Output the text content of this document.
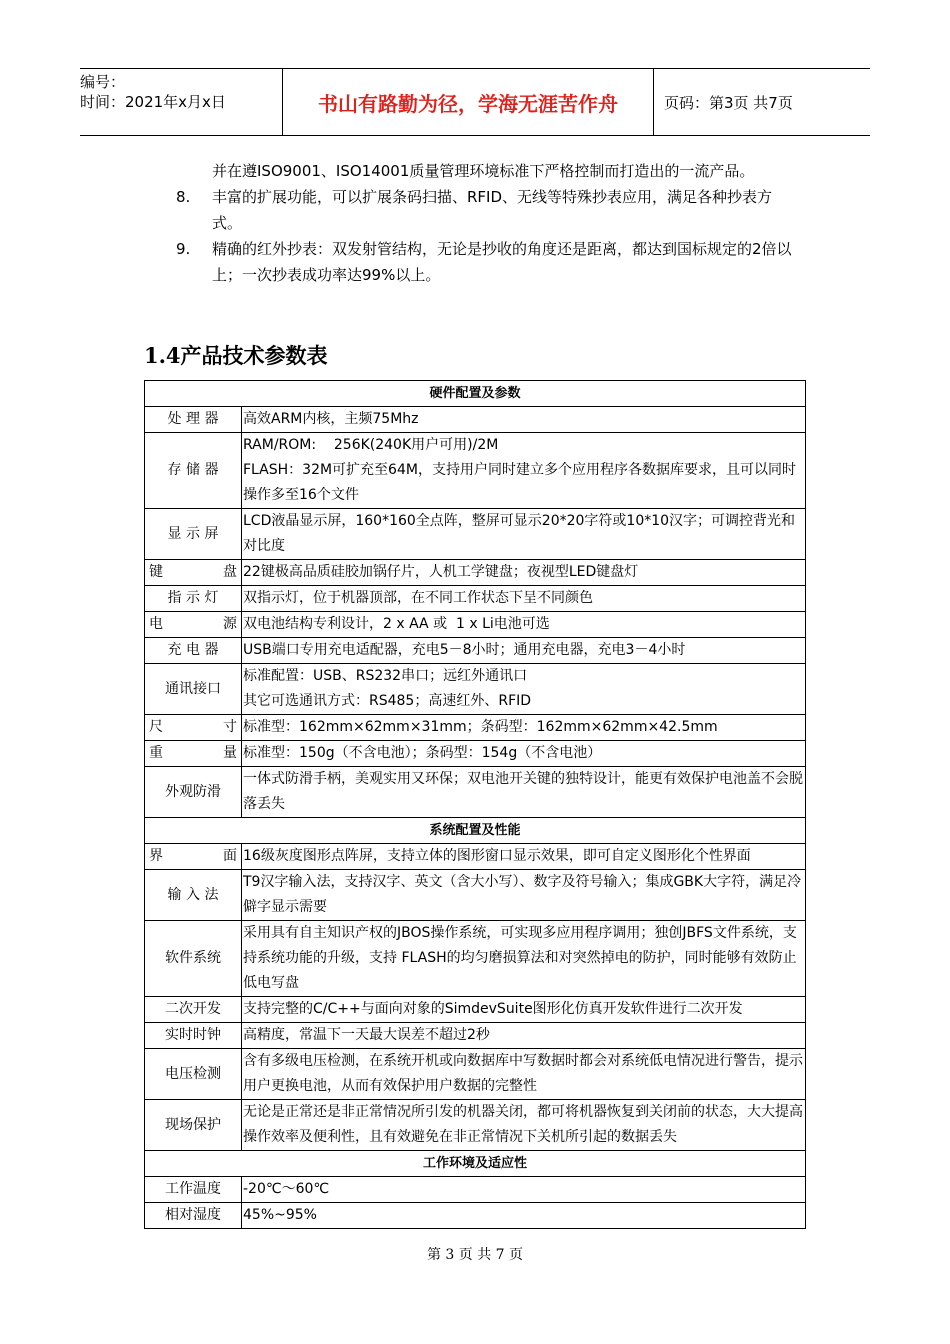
编号：
时间：2021年x月x日	书山有路勤为径，学海无涯苦作舟	页码：第3页 共7页
并在遵ISO9001、ISO14001质量管理环境标准下严格控制而打造出的一流产品。
8.	丰富的扩展功能，可以扩展条码扫描、RFID、无线等特殊抄表应用，满足各种抄表方式。
9.	精确的红外抄表：双发射管结构，无论是抄收的角度还是距离，都达到国标规定的2倍以上；一次抄表成功率达99%以上。
1.4产品技术参数表
硬件配置及参数	
处 理 器	高效ARM内核，主频75Mhz
存 储 器	RAM/ROM:    256K(240K用户可用)/2M
FLASH：32M可扩充至64M，支持用户同时建立多个应用程序各数据库要求，且可以同时操作多至16个文件
显 示 屏	LCD液晶显示屏，160*160全点阵，整屏可显示20*20字符或10*10汉字；可调控背光和对比度

键 盘	22键极高品质硅胶加锅仔片，人机工学键盘；夜视型LED键盘灯
指 示 灯	双指示灯，位于机器顶部，在不同工作状态下呈不同颜色

电 源	双电池结构专利设计，2 x AA 或  1 x Li电池可选
充 电 器	USB端口专用充电适配器，充电5－8小时；通用充电器，充电3－4小时
通讯接口	标准配置：USB、RS232串口；远红外通讯口
其它可选通讯方式：RS485；高速红外、RFID

尺 寸	标准型：162mm×62mm×31mm；条码型：162mm×62mm×42.5mm

重 量	标准型：150g（不含电池）；条码型：154g（不含电池）
外观防滑	一体式防滑手柄，美观实用又环保；双电池开关键的独特设计，能更有效保护电池盖不会脱落丢失
系统配置及性能	

界 面	16级灰度图形点阵屏，支持立体的图形窗口显示效果，即可自定义图形化个性界面
输 入 法	T9汉字输入法，支持汉字、英文（含大小写）、数字及符号输入；集成GBK大字符，满足冷僻字显示需要
软件系统	采用具有自主知识产权的JBOS操作系统，可实现多应用程序调用；独创JBFS文件系统，支持系统功能的升级，支持 FLASH的均匀磨损算法和对突然掉电的防护，同时能够有效防止低电写盘
二次开发	支持完整的C/C++与面向对象的SimdevSuite图形化仿真开发软件进行二次开发
实时时钟	高精度，常温下一天最大误差不超过2秒
电压检测	含有多级电压检测，在系统开机或向数据库中写数据时都会对系统低电情况进行警告，提示用户更换电池，从而有效保护用户数据的完整性
现场保护	无论是正常还是非正常情况所引发的机器关闭，都可将机器恢复到关闭前的状态，大大提高操作效率及便利性，且有效避免在非正常情况下关机所引起的数据丢失
工作环境及适应性	
工作温度	-20℃～60℃
相对湿度	45%~95%
第 3 页 共 7 页
